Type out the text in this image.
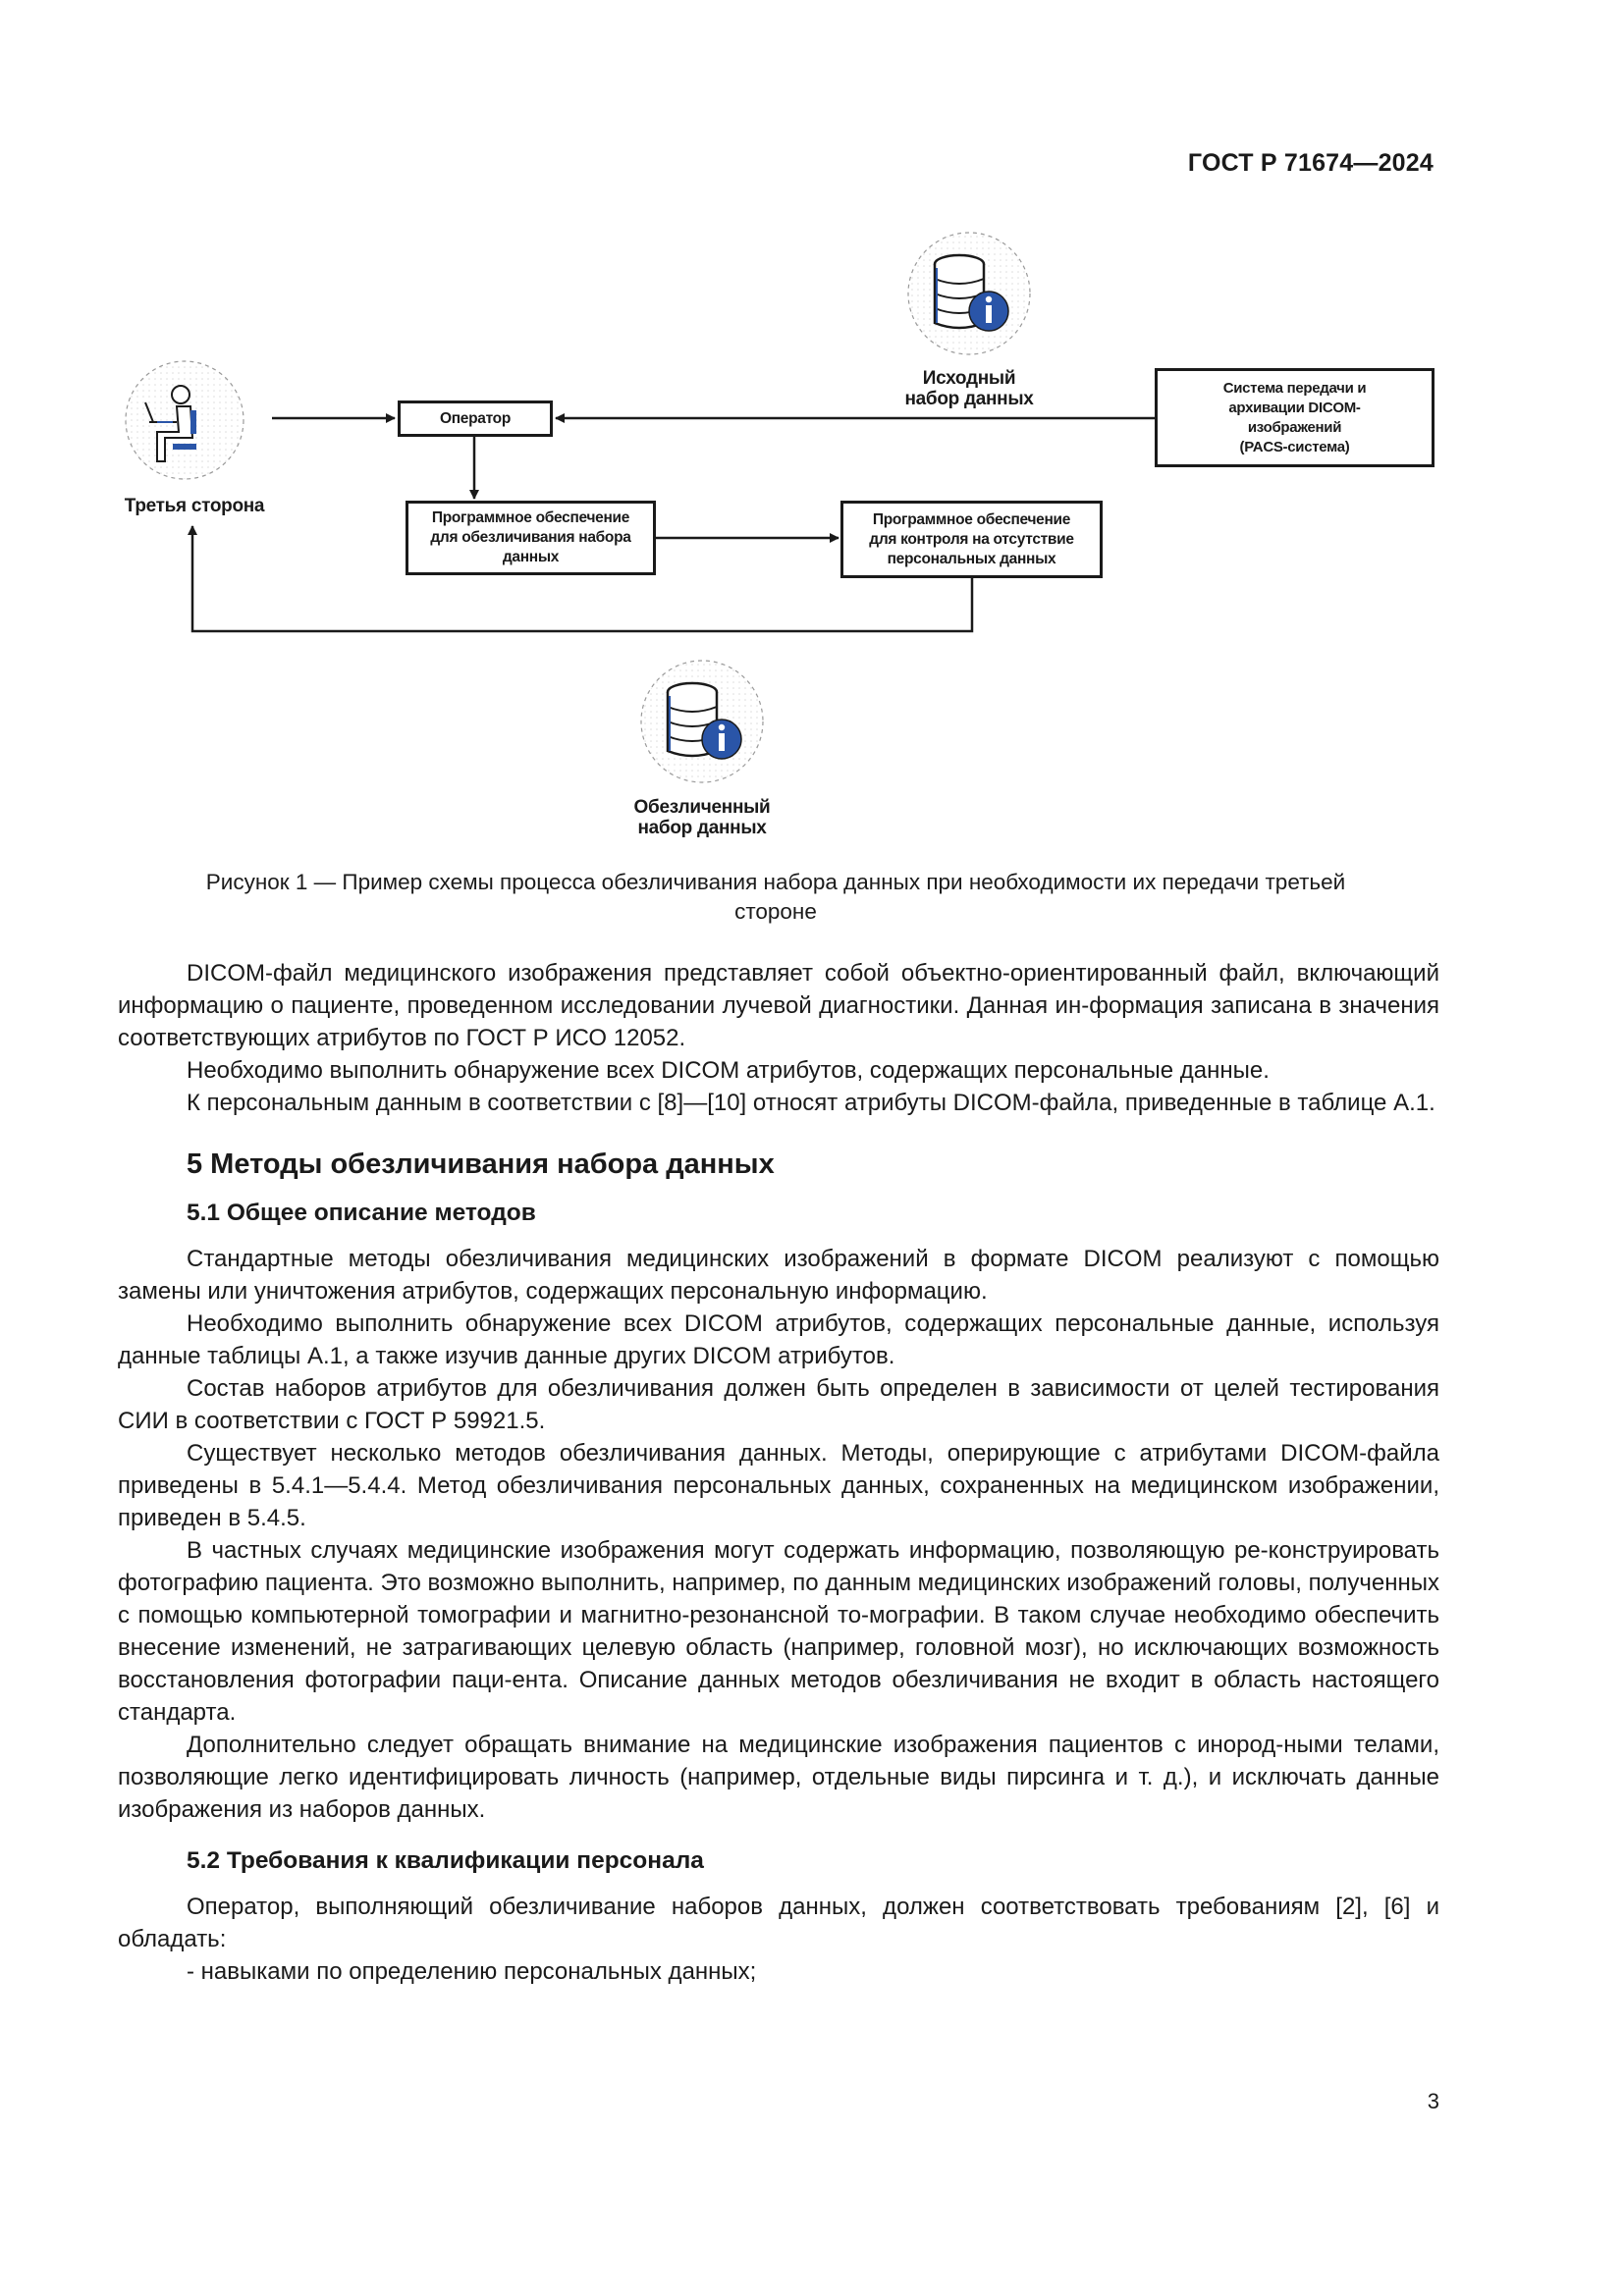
ГОСТ Р 71674—2024
Третья сторона
Оператор
Исходный
набор данных
Система передачи и
архивации DICOM-
изображений
(PACS-система)
Программное обеспечение
для обезличивания набора
данных
Программное обеспечение
для контроля на отсутствие
персональных данных
Обезличенный
набор данных
Рисунок 1 — Пример схемы процесса обезличивания набора данных при необходимости их передачи третьей
стороне

DICOM-файл медицинского изображения представляет собой объектно-ориентированный файл, включающий информацию о пациенте, проведенном исследовании лучевой диагностики. Данная ин-формация записана в значения соответствующих атрибутов по ГОСТ Р ИСО 12052.

Необходимо выполнить обнаружение всех DICOM атрибутов, содержащих персональные данные.

К персональным данным в соответствии с [8]—[10] относят атрибуты DICOM-файла, приведенные в таблице А.1.

5 Методы обезличивания набора данных
5.1 Общее описание методов

Стандартные методы обезличивания медицинских изображений в формате DICOM реализуют с помощью замены или уничтожения атрибутов, содержащих персональную информацию.

Необходимо выполнить обнаружение всех DICOM атрибутов, содержащих персональные данные, используя данные таблицы А.1, а также изучив данные других DICOM атрибутов.

Состав наборов атрибутов для обезличивания должен быть определен в зависимости от целей тестирования СИИ в соответствии с ГОСТ Р 59921.5.

Существует несколько методов обезличивания данных. Методы, оперирующие с атрибутами DICOM-файла приведены в 5.4.1—5.4.4. Метод обезличивания персональных данных, сохраненных на медицинском изображении, приведен в 5.4.5.

В частных случаях медицинские изображения могут содержать информацию, позволяющую ре-конструировать фотографию пациента. Это возможно выполнить, например, по данным медицинских изображений головы, полученных с помощью компьютерной томографии и магнитно-резонансной то-мографии. В таком случае необходимо обеспечить внесение изменений, не затрагивающих целевую область (например, головной мозг), но исключающих возможность восстановления фотографии паци-ента. Описание данных методов обезличивания не входит в область настоящего стандарта.

Дополнительно следует обращать внимание на медицинские изображения пациентов с инород-ными телами, позволяющие легко идентифицировать личность (например, отдельные виды пирсинга и т. д.), и исключать данные изображения из наборов данных.

5.2 Требования к квалификации персонала

Оператор, выполняющий обезличивание наборов данных, должен соответствовать требованиям [2], [6] и обладать:

- навыками по определению персональных данных;
3
